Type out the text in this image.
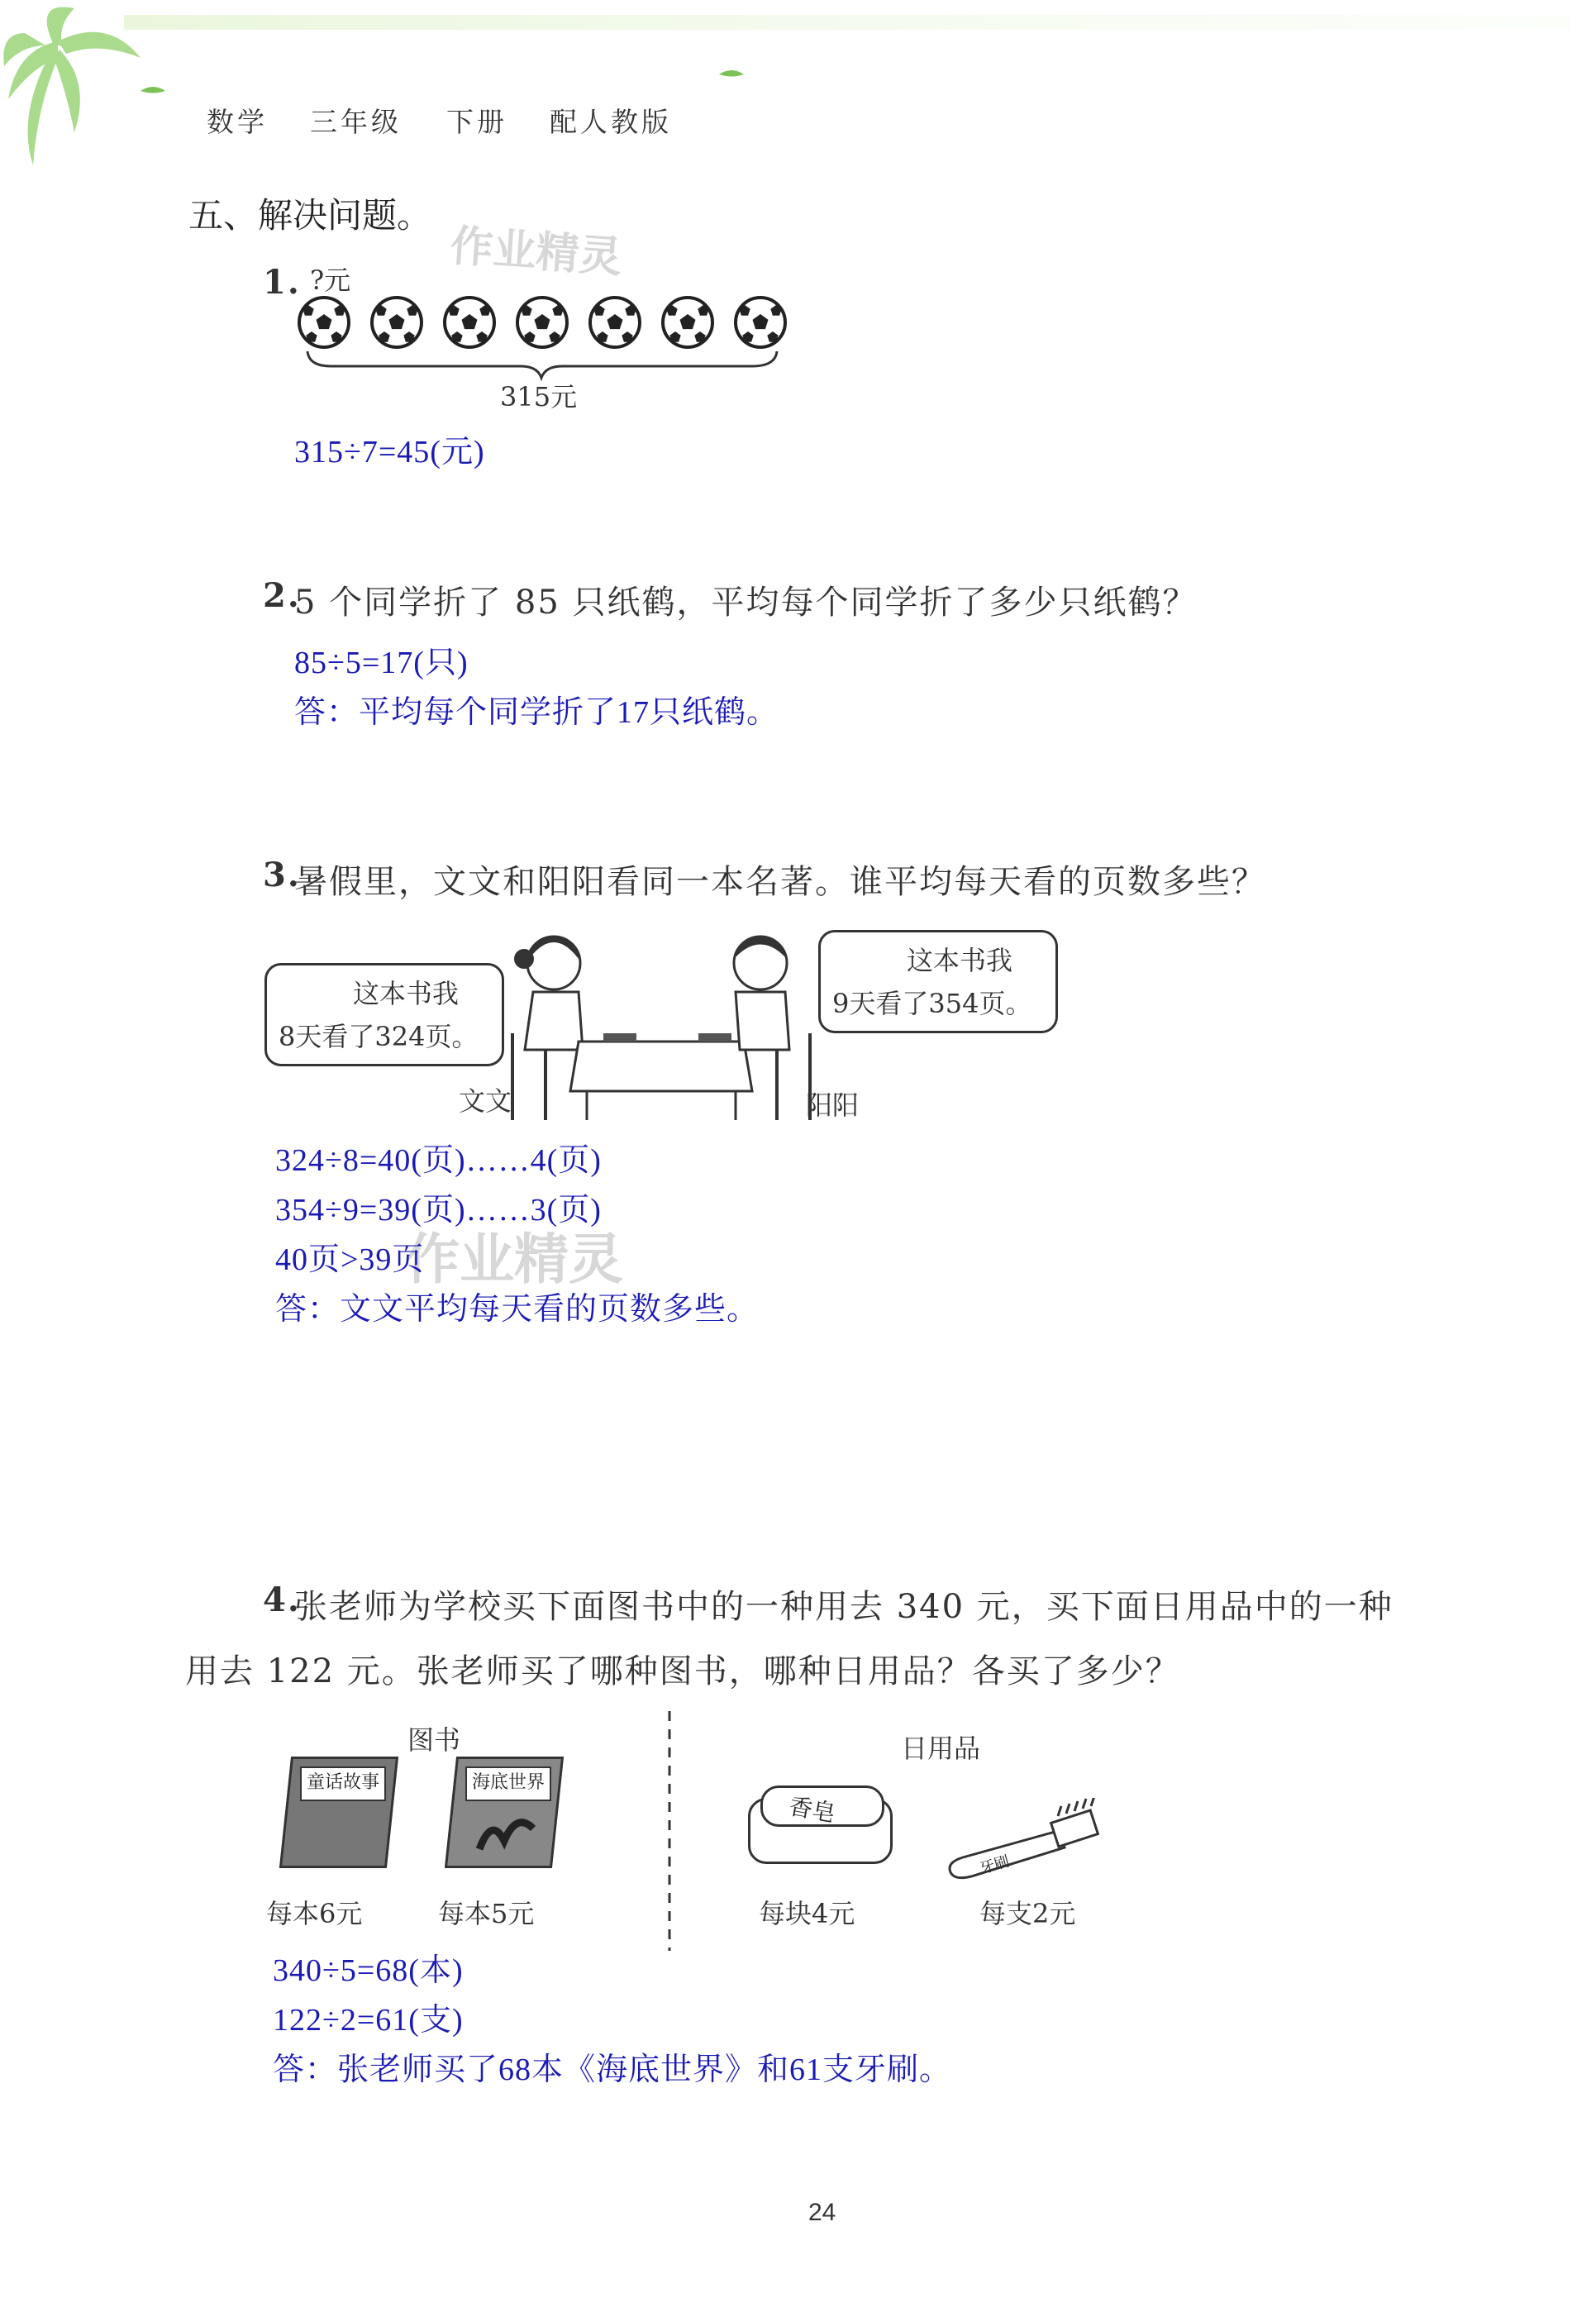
数学 三年级 下册 配人教版
五、解决问题。
作业精灵
作业精灵
1. ?元
315元
315÷7=45(元)
2.
5 个同学折了 85 只纸鹤，平均每个同学折了多少只纸鹤？
85÷5=17(只)
答：平均每个同学折了17只纸鹤。
3.
暑假里，文文和阳阳看同一本名著。谁平均每天看的页数多些？
这本书我
8天看了324页。
这本书我
9天看了354页。
文文	阳阳
324÷8=40(页)……4(页)
354÷9=39(页)……3(页)
40页>39页
答：文文平均每天看的页数多些。
4.
张老师为学校买下面图书中的一种用去 340 元，买下面日用品中的一种
用去 122 元。张老师买了哪种图书，哪种日用品？各买了多少？
图书	日用品
童话故事
每本6元
海底世界
每本5元
香皂
每块4元
牙刷
每支2元
340÷5=68(本)
122÷2=61(支)
答：张老师买了68本《海底世界》和61支牙刷。
24
